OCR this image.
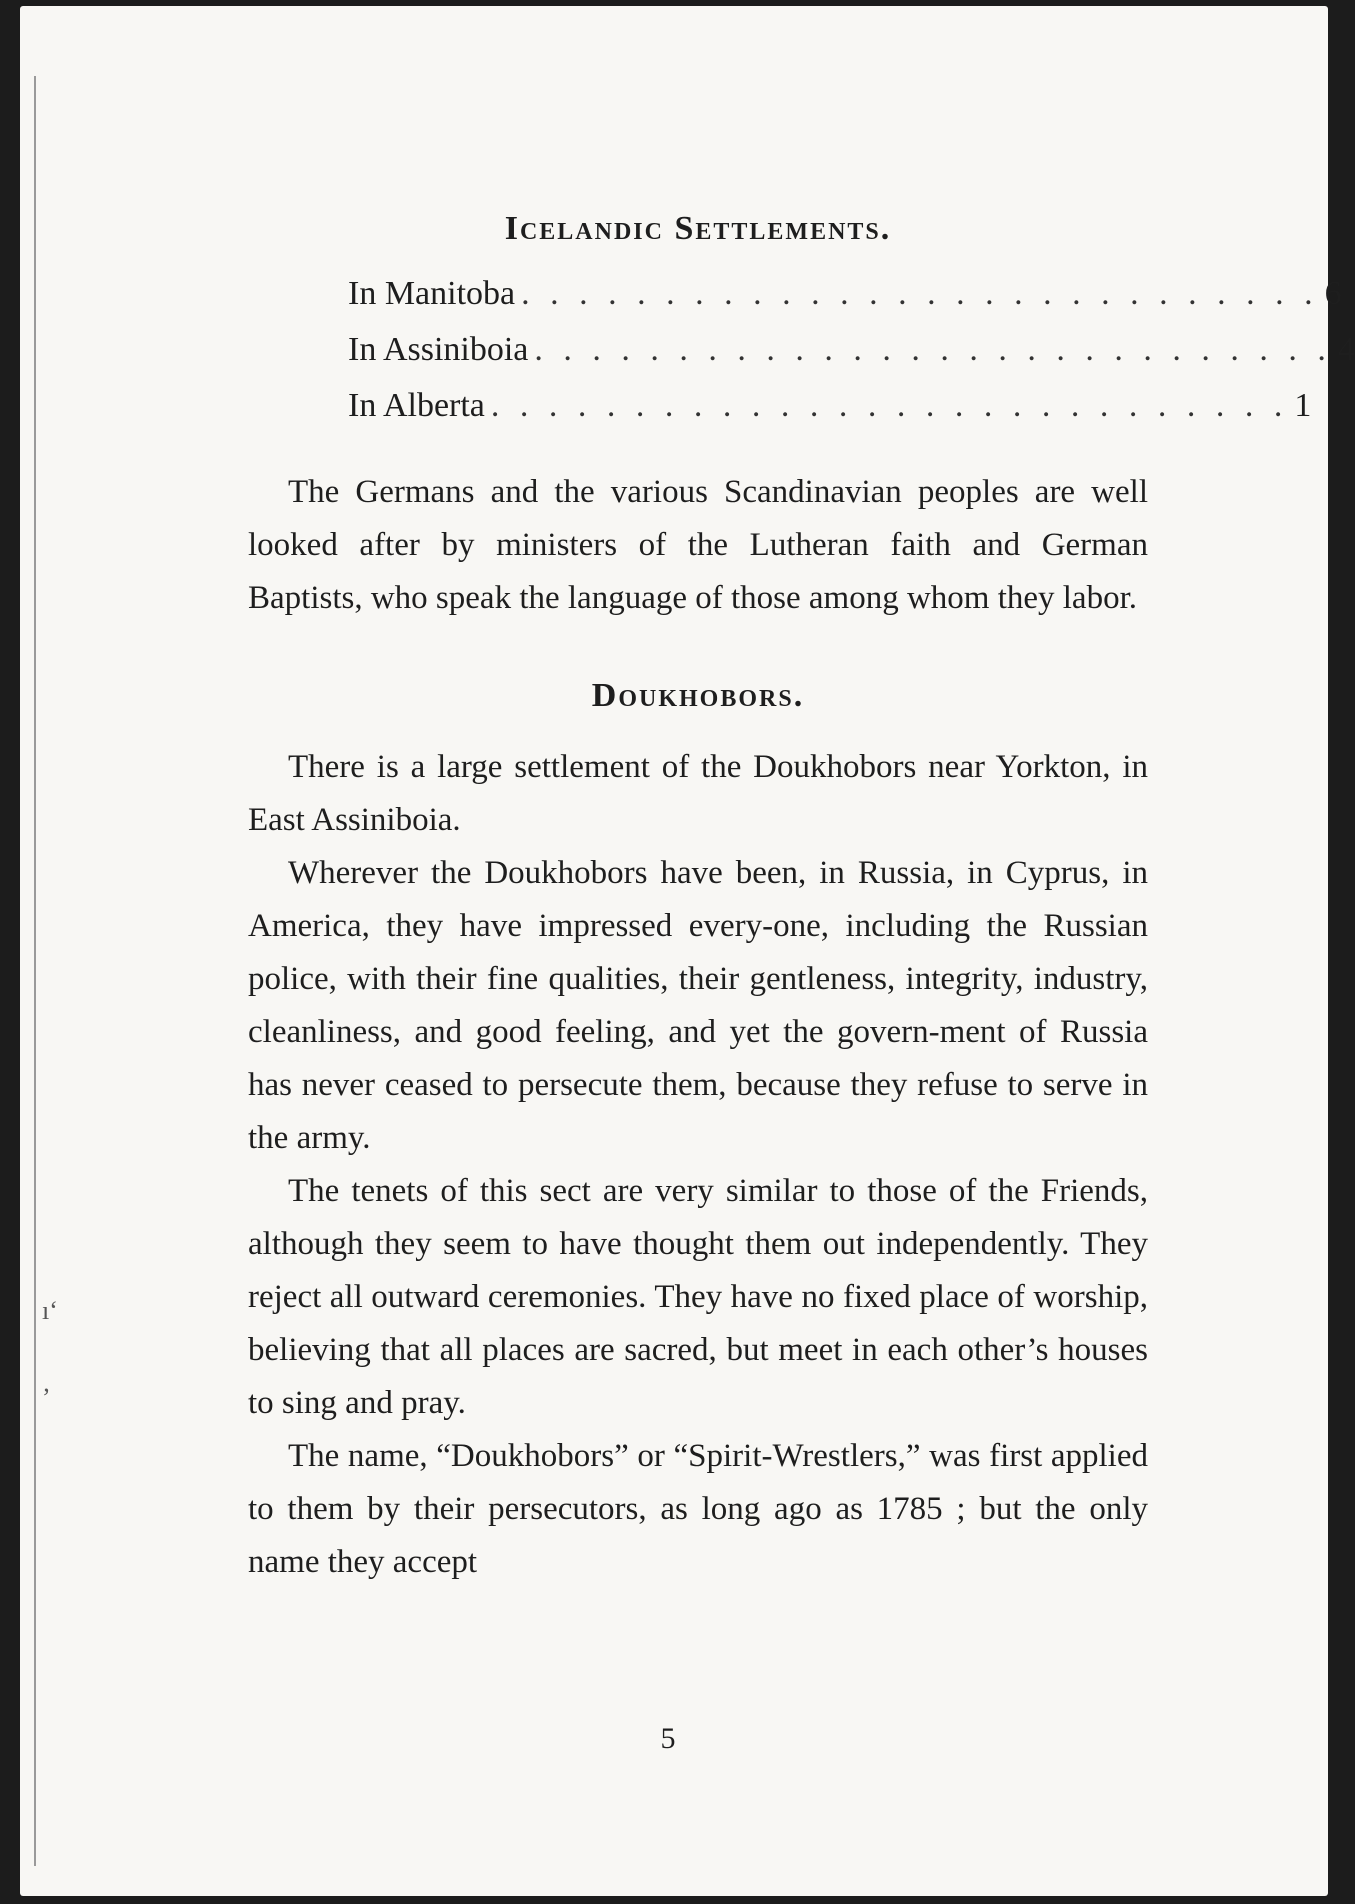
ı‘
‚
Icelandic Settlements.
In Manitoba . . . . . . . . . . . . . . . . . . . . . . . . . . . . 6
In Assiniboia . . . . . . . . . . . . . . . . . . . . . . . . . . . . 4
In Alberta . . . . . . . . . . . . . . . . . . . . . . . . . . . . 1

The Germans and the various Scandinavian peoples are well looked after by ministers of the Lutheran faith and German Baptists, who speak the language of those among whom they labor.

Doukhobors.

There is a large settlement of the Doukhobors near Yorkton, in East Assiniboia.

Wherever the Doukhobors have been, in Russia, in Cyprus, in America, they have impressed every-one, including the Russian police, with their fine qualities, their gentleness, integrity, industry, cleanliness, and good feeling, and yet the govern-ment of Russia has never ceased to persecute them, because they refuse to serve in the army.

The tenets of this sect are very similar to those of the Friends, although they seem to have thought them out independently. They reject all outward ceremonies. They have no fixed place of worship, believing that all places are sacred, but meet in each other’s houses to sing and pray.

The name, “Doukhobors” or “Spirit-Wrestlers,” was first applied to them by their persecutors, as long ago as 1785 ; but the only name they accept

5
